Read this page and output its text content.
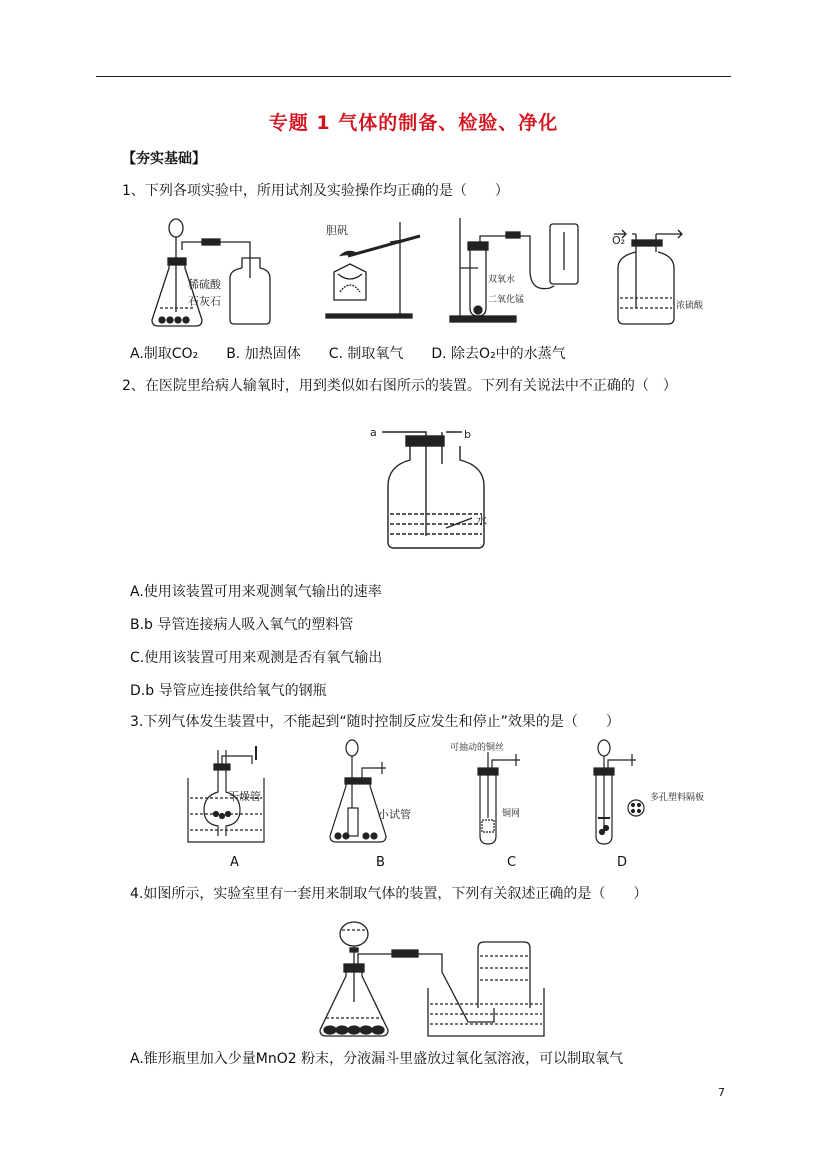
专题 1 气体的制备、检验、净化
【夯实基础】
1、下列各项实验中，所用试剂及实验操作均正确的是（　　）
稀硫酸
石灰石
胆矾
双氧水
二氧化锰
O₂
浓硫酸
A.制取CO₂　　B. 加热固体　　C. 制取氧气　　D. 除去O₂中的水蒸气
2、在医院里给病人输氧时，用到类似如右图所示的装置。下列有关说法中不正确的（　）
a	b
水
A.使用该装置可用来观测氧气输出的速率
B.b 导管连接病人吸入氧气的塑料管
C.使用该装置可用来观测是否有氧气输出
D.b 导管应连接供给氧气的钢瓶
3.下列气体发生装置中，不能起到“随时控制反应发生和停止”效果的是（　　）
干燥管
小试管
可抽动的铜丝
铜网
多孔塑料隔板
A	B	C	D
4.如图所示，实验室里有一套用来制取气体的装置，下列有关叙述正确的是（　　）
A.锥形瓶里加入少量MnO2 粉末，分液漏斗里盛放过氧化氢溶液，可以制取氧气
7
